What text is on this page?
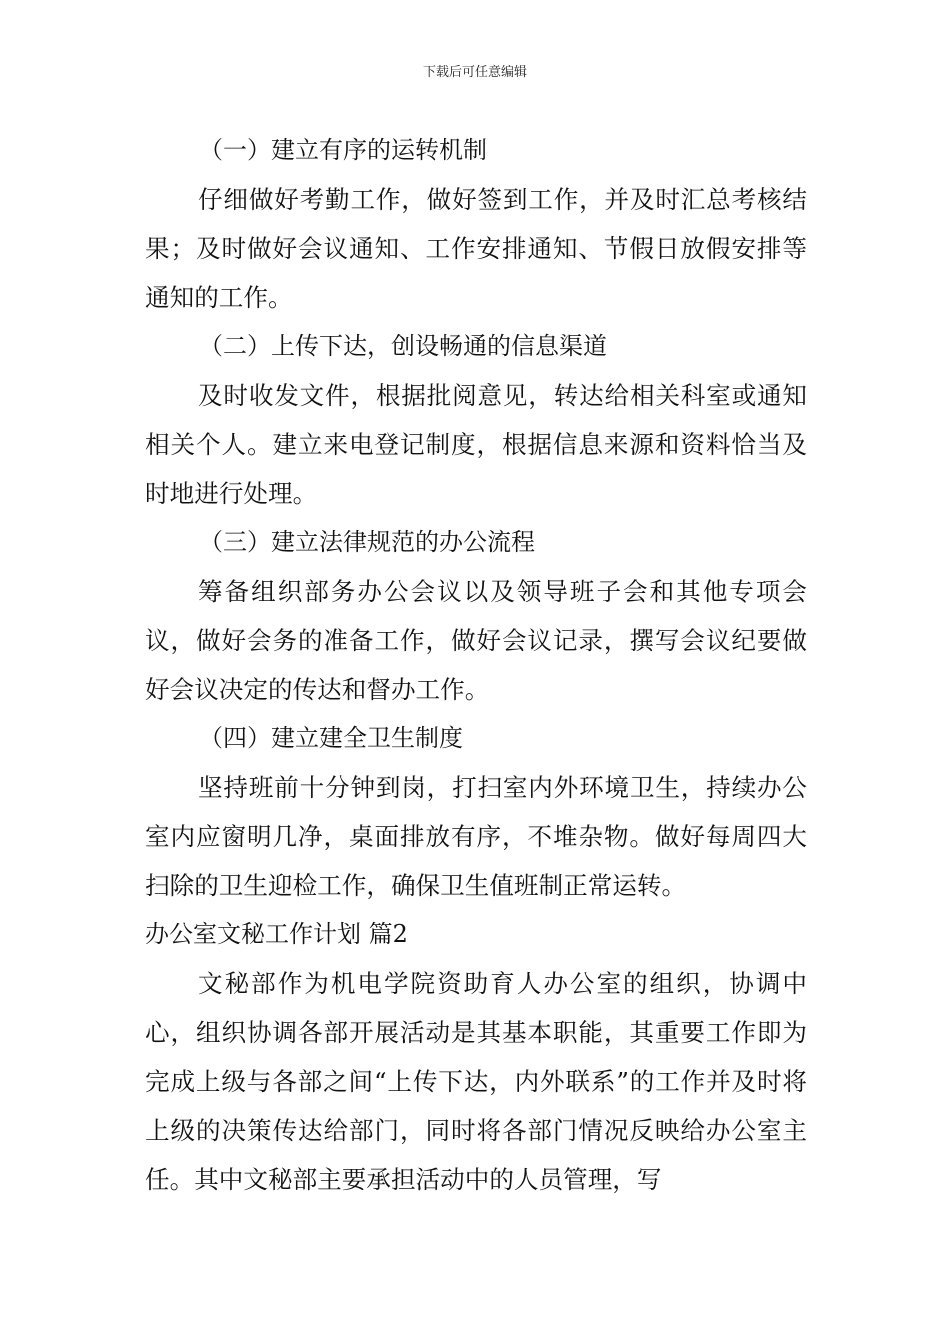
下载后可任意编辑
（一）建立有序的运转机制

仔细做好考勤工作，做好签到工作，并及时汇总考核结果；及时做好会议通知、工作安排通知、节假日放假安排等通知的工作。

（二）上传下达，创设畅通的信息渠道

及时收发文件，根据批阅意见，转达给相关科室或通知相关个人。建立来电登记制度，根据信息来源和资料恰当及时地进行处理。

（三）建立法律规范的办公流程

筹备组织部务办公会议以及领导班子会和其他专项会议，做好会务的准备工作，做好会议记录，撰写会议纪要做好会议决定的传达和督办工作。

（四）建立建全卫生制度

坚持班前十分钟到岗，打扫室内外环境卫生，持续办公室内应窗明几净，桌面排放有序，不堆杂物。做好每周四大扫除的卫生迎检工作，确保卫生值班制正常运转。

办公室文秘工作计划 篇2

文秘部作为机电学院资助育人办公室的组织，协调中心，组织协调各部开展活动是其基本职能，其重要工作即为完成上级与各部之间“上传下达，内外联系”的工作并及时将上级的决策传达给部门，同时将各部门情况反映给办公室主任。其中文秘部主要承担活动中的人员管理，写
